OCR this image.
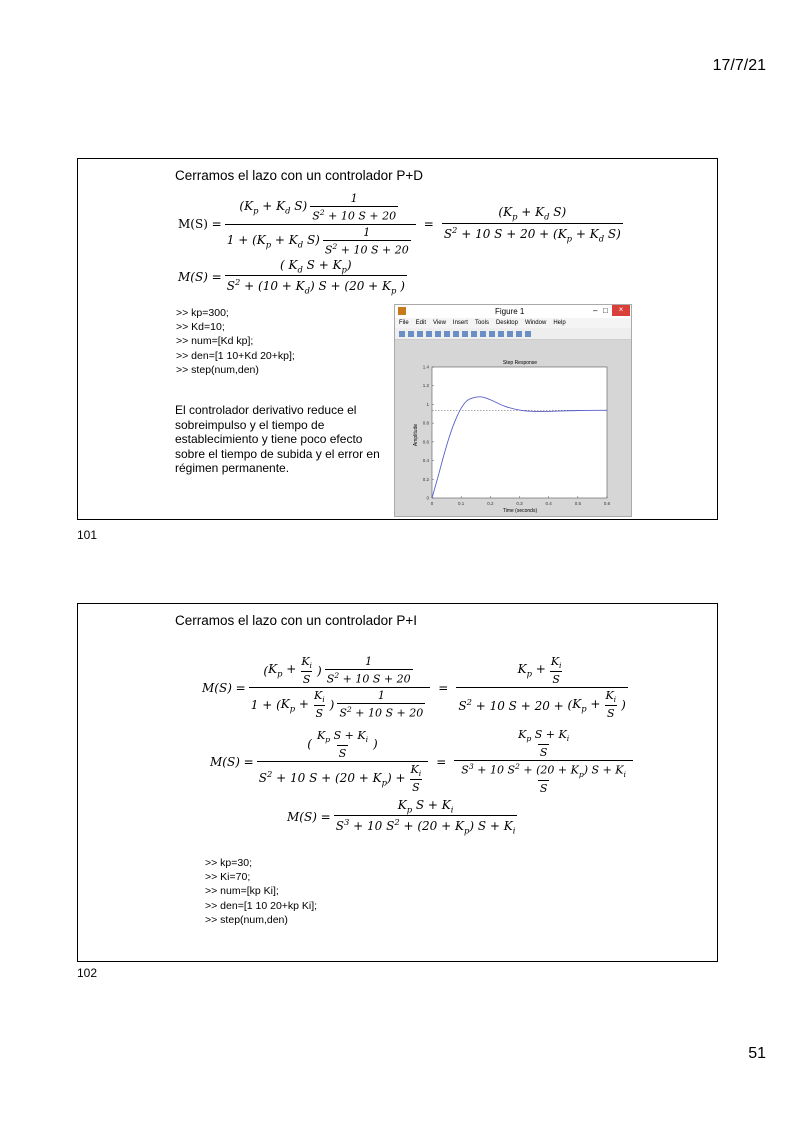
17/7/21
Cerramos el lazo con un controlador P+D
$M(S) = \frac{(K_p + K_d S) \frac{1}{S^2 + 10 S + 20}}{1 + (K_p + K_d S) \frac{1}{S^2 + 10 S + 20}} = \frac{(K_p + K_d S)}{S^2 + 10 S + 20 + (K_p + K_d S)}$
$M(S) = \frac{( K_d S + K_p)}{S^2 + (10 + K_d) S + (20 + K_p )}$
>> kp=300;
>> Kd=10;
>> num=[Kd kp];
>> den=[1 10+Kd 20+kp];
>> step(num,den)
El controlador derivativo reduce el sobreimpulso y el tiempo de establecimiento y tiene poco efecto sobre el tiempo de subida y el error en régimen permanente.
Figure 1	– □	×
File Edit View Insert Tools Desktop Window Help
Step Response
Time (seconds)
Amplitude
0	0.1	0.2	0.3	0.4	0.5	0.6
0
0.2
0.4
0.6
0.8
1
1.2
1.4
101
Cerramos el lazo con un controlador P+I
$M(S) = \frac{( K_p + \frac{K_i}{S} ) \frac{1}{S^2 + 10 S + 20}}{1 + ( K_p + \frac{K_i}{S} ) \frac{1}{S^2 + 10 S + 20}} = \frac{K_p + \frac{K_i}{S}}{S^2 + 10 S + 20 + ( K_p + \frac{K_i}{S} )}$
$M(S) = \frac{( \frac{K_p S + K_i}{S} )}{S^2 + 10 S + (20 + K_p) + \frac{K_i}{S}} = \frac{\frac{K_p S + K_i}{S}}{\frac{S^3 + 10 S^2 + (20 + K_p) S + K_i}{S}}$
$M(S) = \frac{K_p S + K_i}{S^3 + 10 S^2 + (20 + K_p) S + K_i}$
>> kp=30;
>> Ki=70;
>> num=[kp Ki];
>> den=[1 10 20+kp Ki];
>> step(num,den)
102
51
